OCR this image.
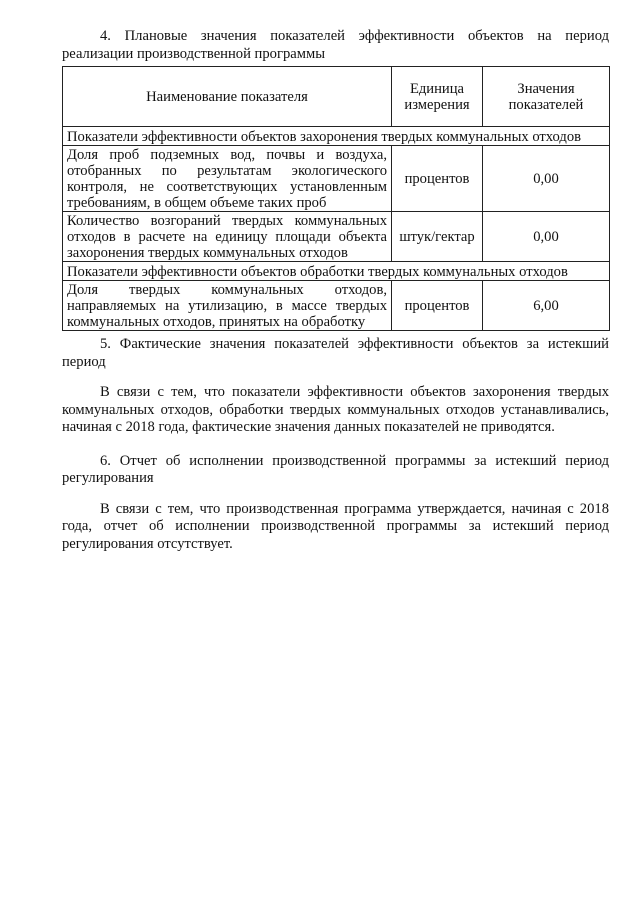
4. Плановые значения показателей эффективности объектов на период реализации производственной программы

Наименование показателя	Единица измерения	Значения показателей
Показатели эффективности объектов захоронения твердых коммунальных отходов		
Доля проб подземных вод, почвы и воздуха, отобранных по результатам экологического контроля, не соответствующих установленным требованиям, в общем объеме таких проб	процентов	0,00
Количество возгораний твердых коммунальных отходов в расчете на единицу площади объекта захоронения твердых коммунальных отходов	штук/гектар	0,00
Показатели эффективности объектов обработки твердых коммунальных отходов		
Доля твердых коммунальных отходов, направляемых на утилизацию, в массе твердых коммунальных отходов, принятых на обработку	процентов	6,00

5. Фактические значения показателей эффективности объектов за истекший период

В связи с тем, что показатели эффективности объектов захоронения твердых коммунальных отходов, обработки твердых коммунальных отходов устанавливались, начиная с 2018 года, фактические значения данных показателей не приводятся.

6. Отчет об исполнении производственной программы за истекший период регулирования

В связи с тем, что производственная программа утверждается, начиная с 2018 года, отчет об исполнении производственной программы за истекший период регулирования отсутствует.
